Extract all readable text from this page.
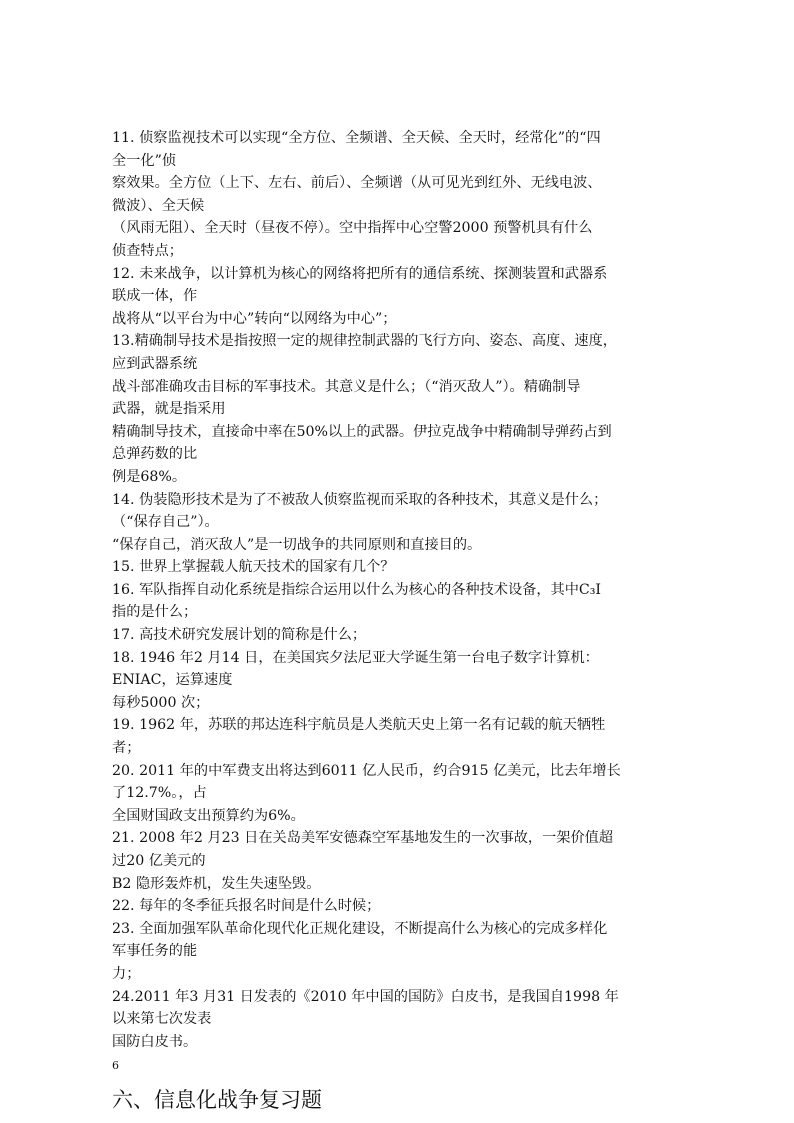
11. 侦察监视技术可以实现“全方位、全频谱、全天候、全天时，经常化”的“四
全一化”侦
察效果。全方位（上下、左右、前后）、全频谱（从可见光到红外、无线电波、
微波）、全天候
（风雨无阻）、全天时（昼夜不停）。空中指挥中心空警2000 预警机具有什么
侦查特点；
12. 未来战争，以计算机为核心的网络将把所有的通信系统、探测装置和武器系
联成一体，作
战将从“以平台为中心”转向“以网络为中心”；
13.精确制导技术是指按照一定的规律控制武器的飞行方向、姿态、高度、速度，
应到武器系统
战斗部准确攻击目标的军事技术。其意义是什么；（“消灭敌人”）。精确制导
武器，就是指采用
精确制导技术，直接命中率在50%以上的武器。伊拉克战争中精确制导弹药占到
总弹药数的比
例是68%。
14. 伪装隐形技术是为了不被敌人侦察监视而采取的各种技术，其意义是什么；
（“保存自己”）。
“保存自己，消灭敌人”是一切战争的共同原则和直接目的。
15. 世界上掌握载人航天技术的国家有几个？
16. 军队指挥自动化系统是指综合运用以什么为核心的各种技术设备，其中C₃I
指的是什么；
17. 高技术研究发展计划的简称是什么；
18. 1946 年2 月14 日，在美国宾夕法尼亚大学诞生第一台电子数字计算机：
ENIAC，运算速度
每秒5000 次；
19. 1962 年，苏联的邦达连科宇航员是人类航天史上第一名有记载的航天牺牲
者；
20. 2011 年的中军费支出将达到6011 亿人民币，约合915 亿美元，比去年增长
了12.7%。，占
全国财国政支出预算约为6%。
21. 2008 年2 月23 日在关岛美军安德森空军基地发生的一次事故，一架价值超
过20 亿美元的
B2 隐形轰炸机，发生失速坠毁。
22. 每年的冬季征兵报名时间是什么时候；
23. 全面加强军队革命化现代化正规化建设，不断提高什么为核心的完成多样化
军事任务的能
力；
24.2011 年3 月31 日发表的《2010 年中国的国防》白皮书，是我国自1998 年
以来第七次发表
国防白皮书。
6
六、信息化战争复习题
